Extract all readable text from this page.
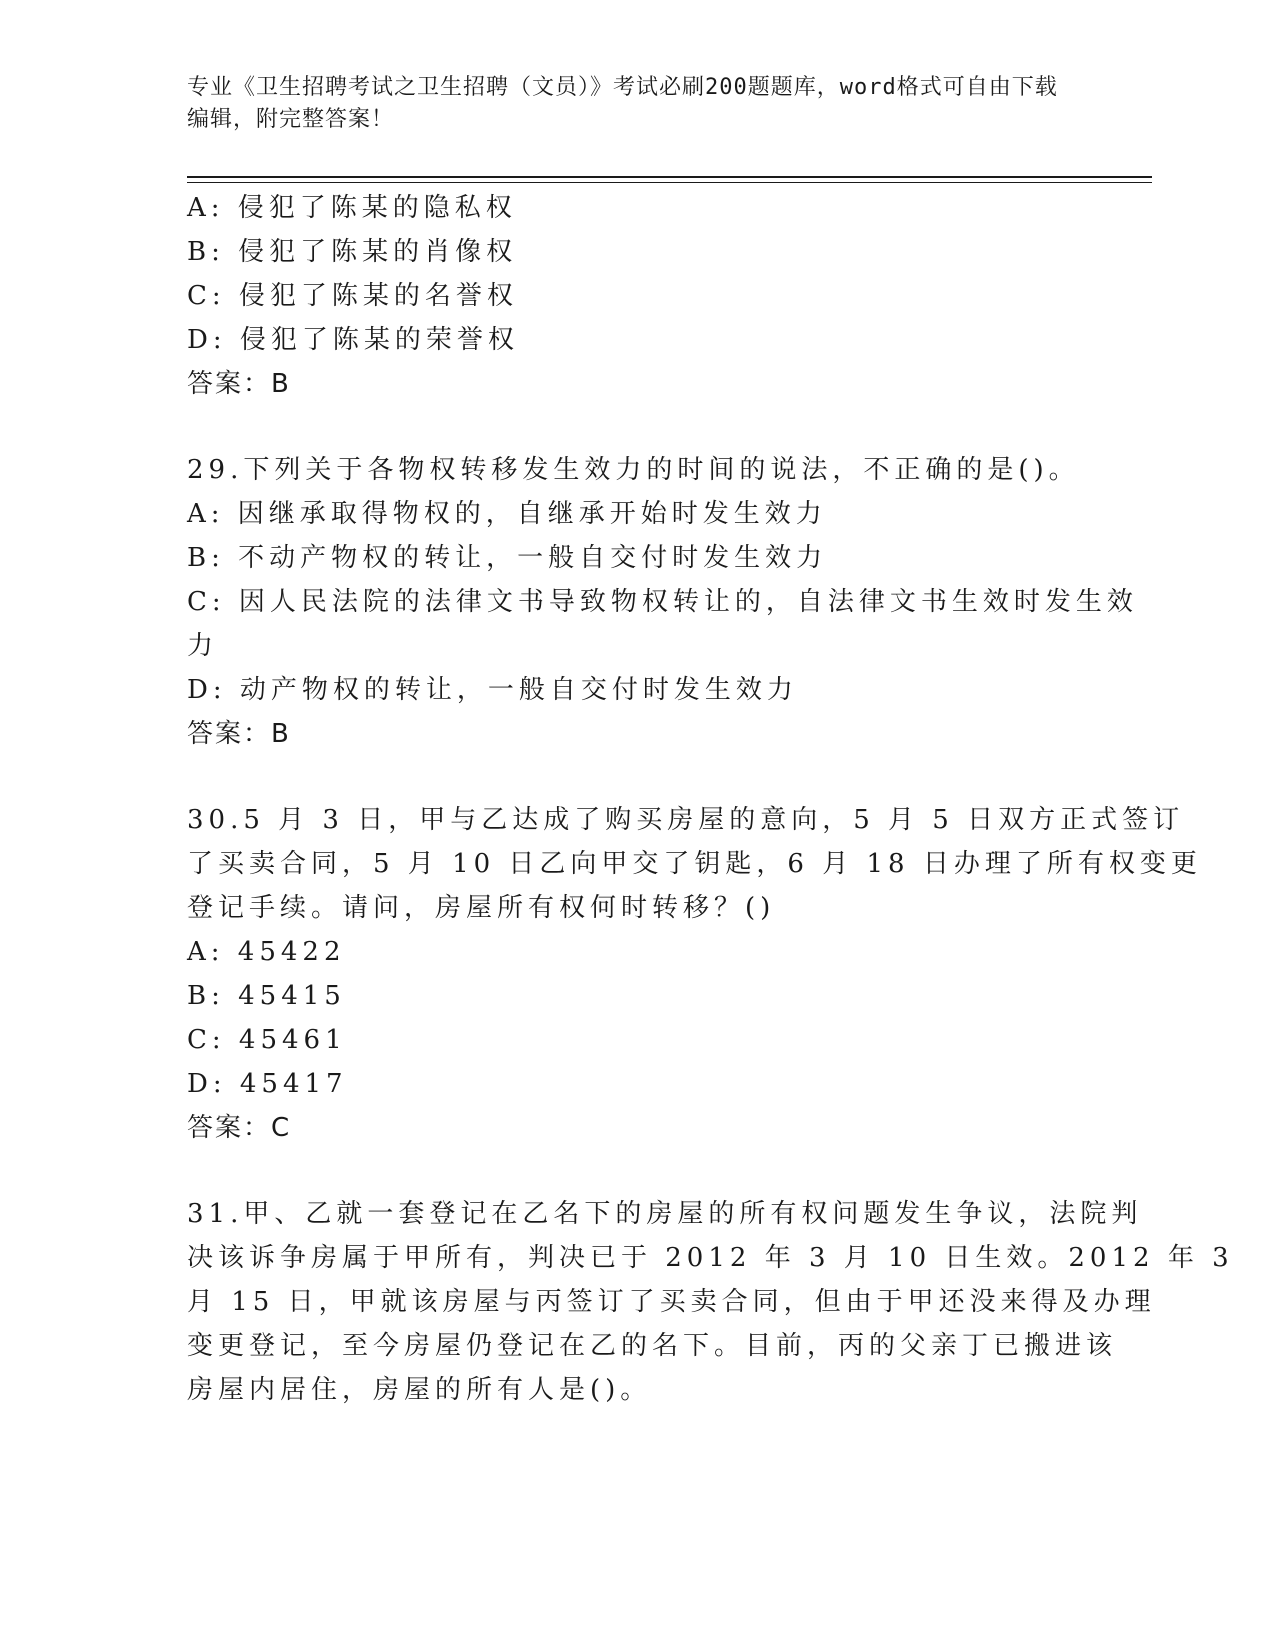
专业《卫生招聘考试之卫生招聘（文员）》考试必刷200题题库，word格式可自由下载编辑，附完整答案！
A: 侵犯了陈某的隐私权
B: 侵犯了陈某的肖像权
C: 侵犯了陈某的名誉权
D: 侵犯了陈某的荣誉权
答案：B
29.下列关于各物权转移发生效力的时间的说法，不正确的是()。
A: 因继承取得物权的，自继承开始时发生效力
B: 不动产物权的转让，一般自交付时发生效力
C: 因人民法院的法律文书导致物权转让的，自法律文书生效时发生效
力
D: 动产物权的转让，一般自交付时发生效力
答案：B
30.5 月 3 日，甲与乙达成了购买房屋的意向，5 月 5 日双方正式签订
了买卖合同，5 月 10 日乙向甲交了钥匙，6 月 18 日办理了所有权变更
登记手续。请问，房屋所有权何时转移？()
A: 45422
B: 45415
C: 45461
D: 45417
答案：C
31.甲、乙就一套登记在乙名下的房屋的所有权问题发生争议，法院判
决该诉争房属于甲所有，判决已于 2012 年 3 月 10 日生效。2012 年 3
月 15 日，甲就该房屋与丙签订了买卖合同，但由于甲还没来得及办理
变更登记，至今房屋仍登记在乙的名下。目前，丙的父亲丁已搬进该
房屋内居住，房屋的所有人是()。
